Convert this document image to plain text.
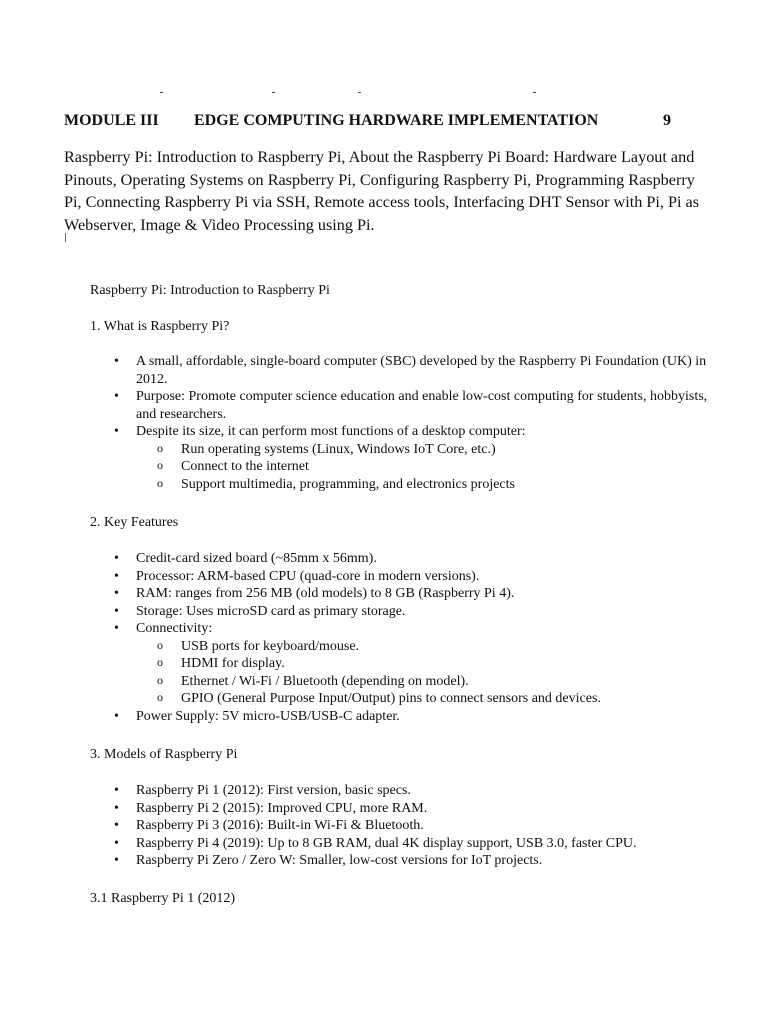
MODULE III EDGE COMPUTING HARDWARE IMPLEMENTATION	9

Raspberry Pi: Introduction to Raspberry Pi, About the Raspberry Pi Board: Hardware Layout and Pinouts, Operating Systems on Raspberry Pi, Configuring Raspberry Pi, Programming Raspberry Pi, Connecting Raspberry Pi via SSH, Remote access tools, Interfacing DHT Sensor with Pi, Pi as Webserver, Image & Video Processing using Pi.

Raspberry Pi: Introduction to Raspberry Pi

1. What is Raspberry Pi?

• A small, affordable, single-board computer (SBC) developed by the Raspberry Pi Foundation (UK) in 2012.
• Purpose: Promote computer science education and enable low-cost computing for students, hobbyists, and researchers.
• Despite its size, it can perform most functions of a desktop computer:
o Run operating systems (Linux, Windows IoT Core, etc.)
o Connect to the internet
o Support multimedia, programming, and electronics projects

2. Key Features

• Credit-card sized board (~85mm x 56mm).
• Processor: ARM-based CPU (quad-core in modern versions).
• RAM: ranges from 256 MB (old models) to 8 GB (Raspberry Pi 4).
• Storage: Uses microSD card as primary storage.
• Connectivity:
o USB ports for keyboard/mouse.
o HDMI for display.
o Ethernet / Wi-Fi / Bluetooth (depending on model).
o GPIO (General Purpose Input/Output) pins to connect sensors and devices.
• Power Supply: 5V micro-USB/USB-C adapter.

3. Models of Raspberry Pi

• Raspberry Pi 1 (2012): First version, basic specs.
• Raspberry Pi 2 (2015): Improved CPU, more RAM.
• Raspberry Pi 3 (2016): Built-in Wi-Fi & Bluetooth.
• Raspberry Pi 4 (2019): Up to 8 GB RAM, dual 4K display support, USB 3.0, faster CPU.
• Raspberry Pi Zero / Zero W: Smaller, low-cost versions for IoT projects.

3.1 Raspberry Pi 1 (2012)
